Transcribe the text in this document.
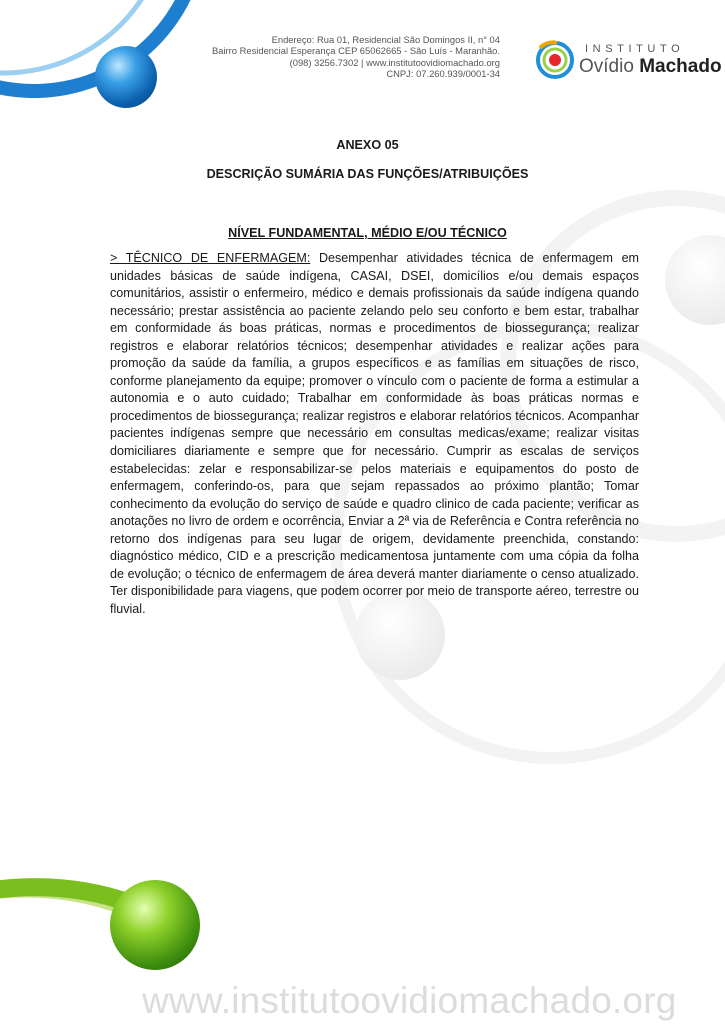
Endereço: Rua 01, Residencial São Domingos II, n° 04
Bairro Residencial Esperança CEP 65062665 - São Luís - Maranhão.
(098) 3256.7302 | www.institutoovidiomachado.org
CNPJ: 07.260.939/0001-34
INSTITUTO
Ovídio Machado
ANEXO 05
DESCRIÇÃO SUMÁRIA DAS FUNÇÕES/ATRIBUIÇÕES
NÍVEL FUNDAMENTAL, MÉDIO E/OU TÉCNICO
> TÊCNICO DE ENFERMAGEM: Desempenhar atividades técnica de enfermagem em unidades básicas de saúde indígena, CASAI, DSEI, domicílios e/ou demais espaços comunitários, assistir o enfermeiro, médico e demais profissionais da saúde indígena quando necessário; prestar assistência ao paciente zelando pelo seu conforto e bem estar, trabalhar em conformidade ás boas práticas, normas e procedimentos de biossegurança; realizar registros e elaborar relatórios técnicos; desempenhar atividades e realizar ações para promoção da saúde da família, a grupos específicos e as famílias em situações de risco, conforme planejamento da equipe; promover o vínculo com o paciente de forma a estimular a autonomia e o auto cuidado; Trabalhar em conformidade às boas práticas normas e procedimentos de biossegurança; realizar registros e elaborar relatórios técnicos. Acompanhar pacientes indígenas sempre que necessário em consultas medicas/exame; realizar visitas domiciliares diariamente e sempre que for necessário. Cumprir as escalas de serviços estabelecidas: zelar e responsabilizar-se pelos materiais e equipamentos do posto de enfermagem, conferindo-os, para que sejam repassados ao próximo plantão; Tomar conhecimento da evolução do serviço de saúde e quadro clinico de cada paciente; verificar as anotações no livro de ordem e ocorrência, Enviar a 2ª via de Referência e Contra referência no retorno dos indígenas para seu lugar de origem, devidamente preenchida, constando: diagnóstico médico, CID e a prescrição medicamentosa juntamente com uma cópia da folha de evolução; o técnico de enfermagem de área deverá manter diariamente o censo atualizado. Ter disponibilidade para viagens, que podem ocorrer por meio de transporte aéreo, terrestre ou fluvial.
www.institutoovidiomachado.org
